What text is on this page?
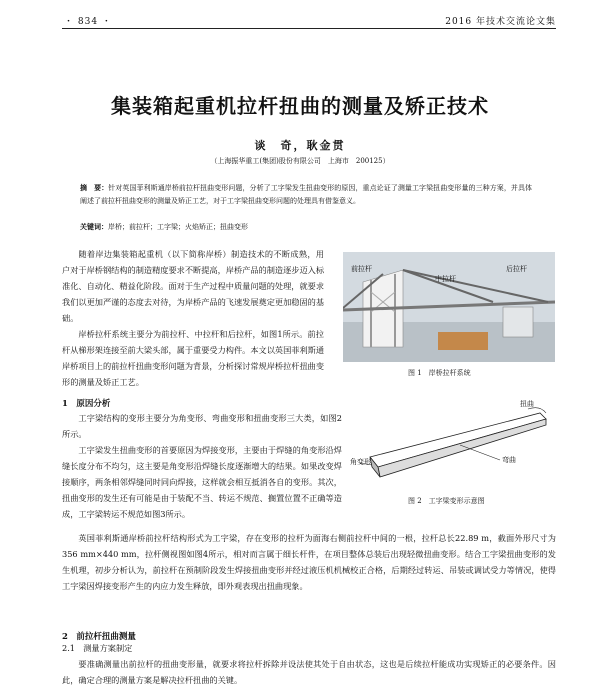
・ 834 ・	2016 年技术交流论文集
集装箱起重机拉杆扭曲的测量及矫正技术
谈　奇，耿金贯
（上海振华重工(集团)股份有限公司　上海市　200125）
摘　要：针对英国菲利斯通岸桥前拉杆扭曲变形问题，分析了工字梁发生扭曲变形的原因，重点论证了测量工字梁扭曲变形量的三种方案，并具体阐述了前拉杆扭曲变形的测量及矫正工艺，对于工字梁扭曲变形问题的处理具有借鉴意义。
关键词：岸桥；前拉杆；工字梁；火焰矫正；扭曲变形

随着岸边集装箱起重机（以下简称岸桥）制造技术的不断成熟，用户对于岸桥钢结构的制造精度要求不断提高，岸桥产品的制造逐步迈入标准化、自动化、精益化阶段。面对于生产过程中质量问题的处理，就要求我们以更加严谨的态度去对待，为岸桥产品的飞速发展奠定更加稳固的基础。

岸桥拉杆系统主要分为前拉杆、中拉杆和后拉杆，如图1所示。前拉杆从梯形架连接至前大梁头部，属于重要受力构件。本文以英国菲利斯通岸桥项目上的前拉杆扭曲变形问题为背景，分析探讨常规岸桥拉杆扭曲变形的测量及矫正工艺。

前拉杆
中拉杆
后拉杆
图 1　岸桥拉杆系统
1　原因分析

工字梁结构的变形主要分为角变形、弯曲变形和扭曲变形三大类，如图2所示。

工字梁发生扭曲变形的首要原因为焊接变形，主要由于焊缝的角变形沿焊缝长度分布不均匀，这主要是角变形沿焊缝长度逐渐增大的结果。如果改变焊接顺序，两条相邻焊缝同时同向焊接，这样就会相互抵消各自的变形。其次，扭曲变形的发生还有可能是由于装配不当、转运不规范、搁置位置不正确等造成，工字梁转运不规范如图3所示。

扭曲
弯曲
角变形
图 2　工字梁变形示意图

英国菲利斯通岸桥前拉杆结构形式为工字梁，存在变形的拉杆为面海右侧前拉杆中间的一根，拉杆总长22.89 m，截面外形尺寸为356 mm×440 mm，拉杆侧视图如图4所示，相对而言属于细长杆件，在项目整体总装后出现轻微扭曲变形。结合工字梁扭曲变形的发生机理，初步分析认为，前拉杆在预制阶段发生焊接扭曲变形并经过液压机机械校正合格，后期经过转运、吊装或调试受力等情况，使得工字梁因焊接变形产生的内应力发生释放，即外观表现出扭曲现象。

2　前拉杆扭曲测量
2.1　测量方案制定

要准确测量出前拉杆的扭曲变形量，就要求将拉杆拆除并设法使其处于自由状态，这也是后续拉杆能成功实现矫正的必要条件。因此，确定合理的测量方案是解决拉杆扭曲的关键。
